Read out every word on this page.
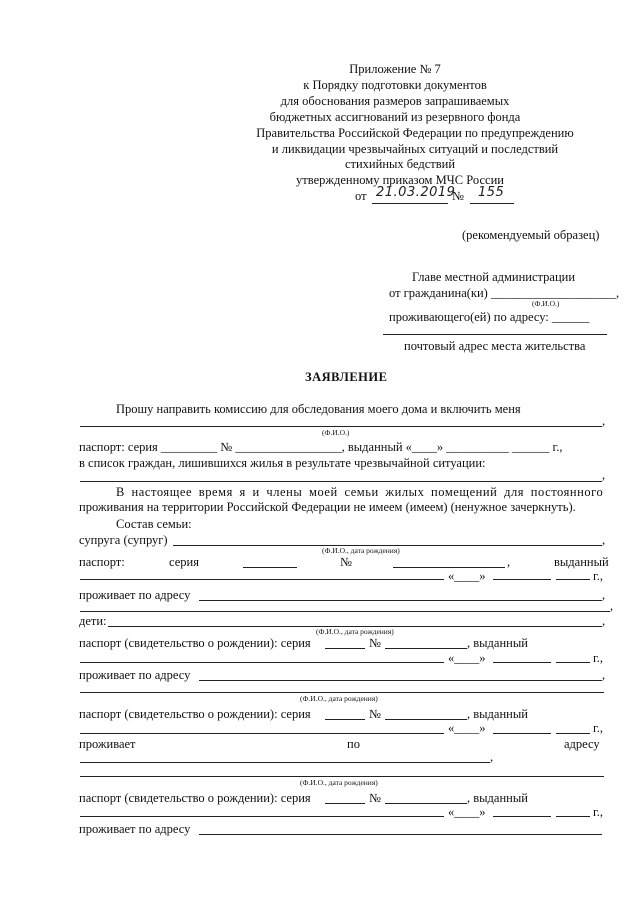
Приложение № 7
к Порядку подготовки документов
для обоснования размеров запрашиваемых
бюджетных ассигнований из резервного фонда
Правительства Российской Федерации по предупреждению
и ликвидации чрезвычайных ситуаций и последствий
стихийных бедствий
утвержденному приказом МЧС России
от 21.03.2019
№ 155
(рекомендуемый образец)
Главе местной администрации
от гражданина(ки) ____________________,
(Ф.И.О.)
проживающего(ей) по адресу: ______
почтовый адрес места жительства
ЗАЯВЛЕНИЕ
Прошу направить комиссию для обследования моего дома и включить меня
,
(Ф.И.О.)
паспорт: серия _________ № _________________, выданный «____» __________ ______ г.,
в список граждан, лишившихся жилья в результате чрезвычайной ситуации:
,
В настоящее время я и члены моей семьи жилых помещений для постоянного
проживания на территории Российской Федерации не имеем (имеем) (ненужное зачеркнуть).
Состав семьи:
супруга (супруг)	,
(Ф.И.О., дата рождения)
паспорт:	серия	№	,	выданный
«____»	г.,
проживает по адресу	,
,
дети:	,
(Ф.И.О., дата рождения)
паспорт (свидетельство о рождении): серия	№	, выданный
«____»	г.,
проживает по адресу	,
(Ф.И.О., дата рождения)
паспорт (свидетельство о рождении): серия	№	, выданный
«____»	г.,
проживает	по	адресу
,
(Ф.И.О., дата рождения)
паспорт (свидетельство о рождении): серия	№	, выданный
«____»	г.,
проживает по адресу
